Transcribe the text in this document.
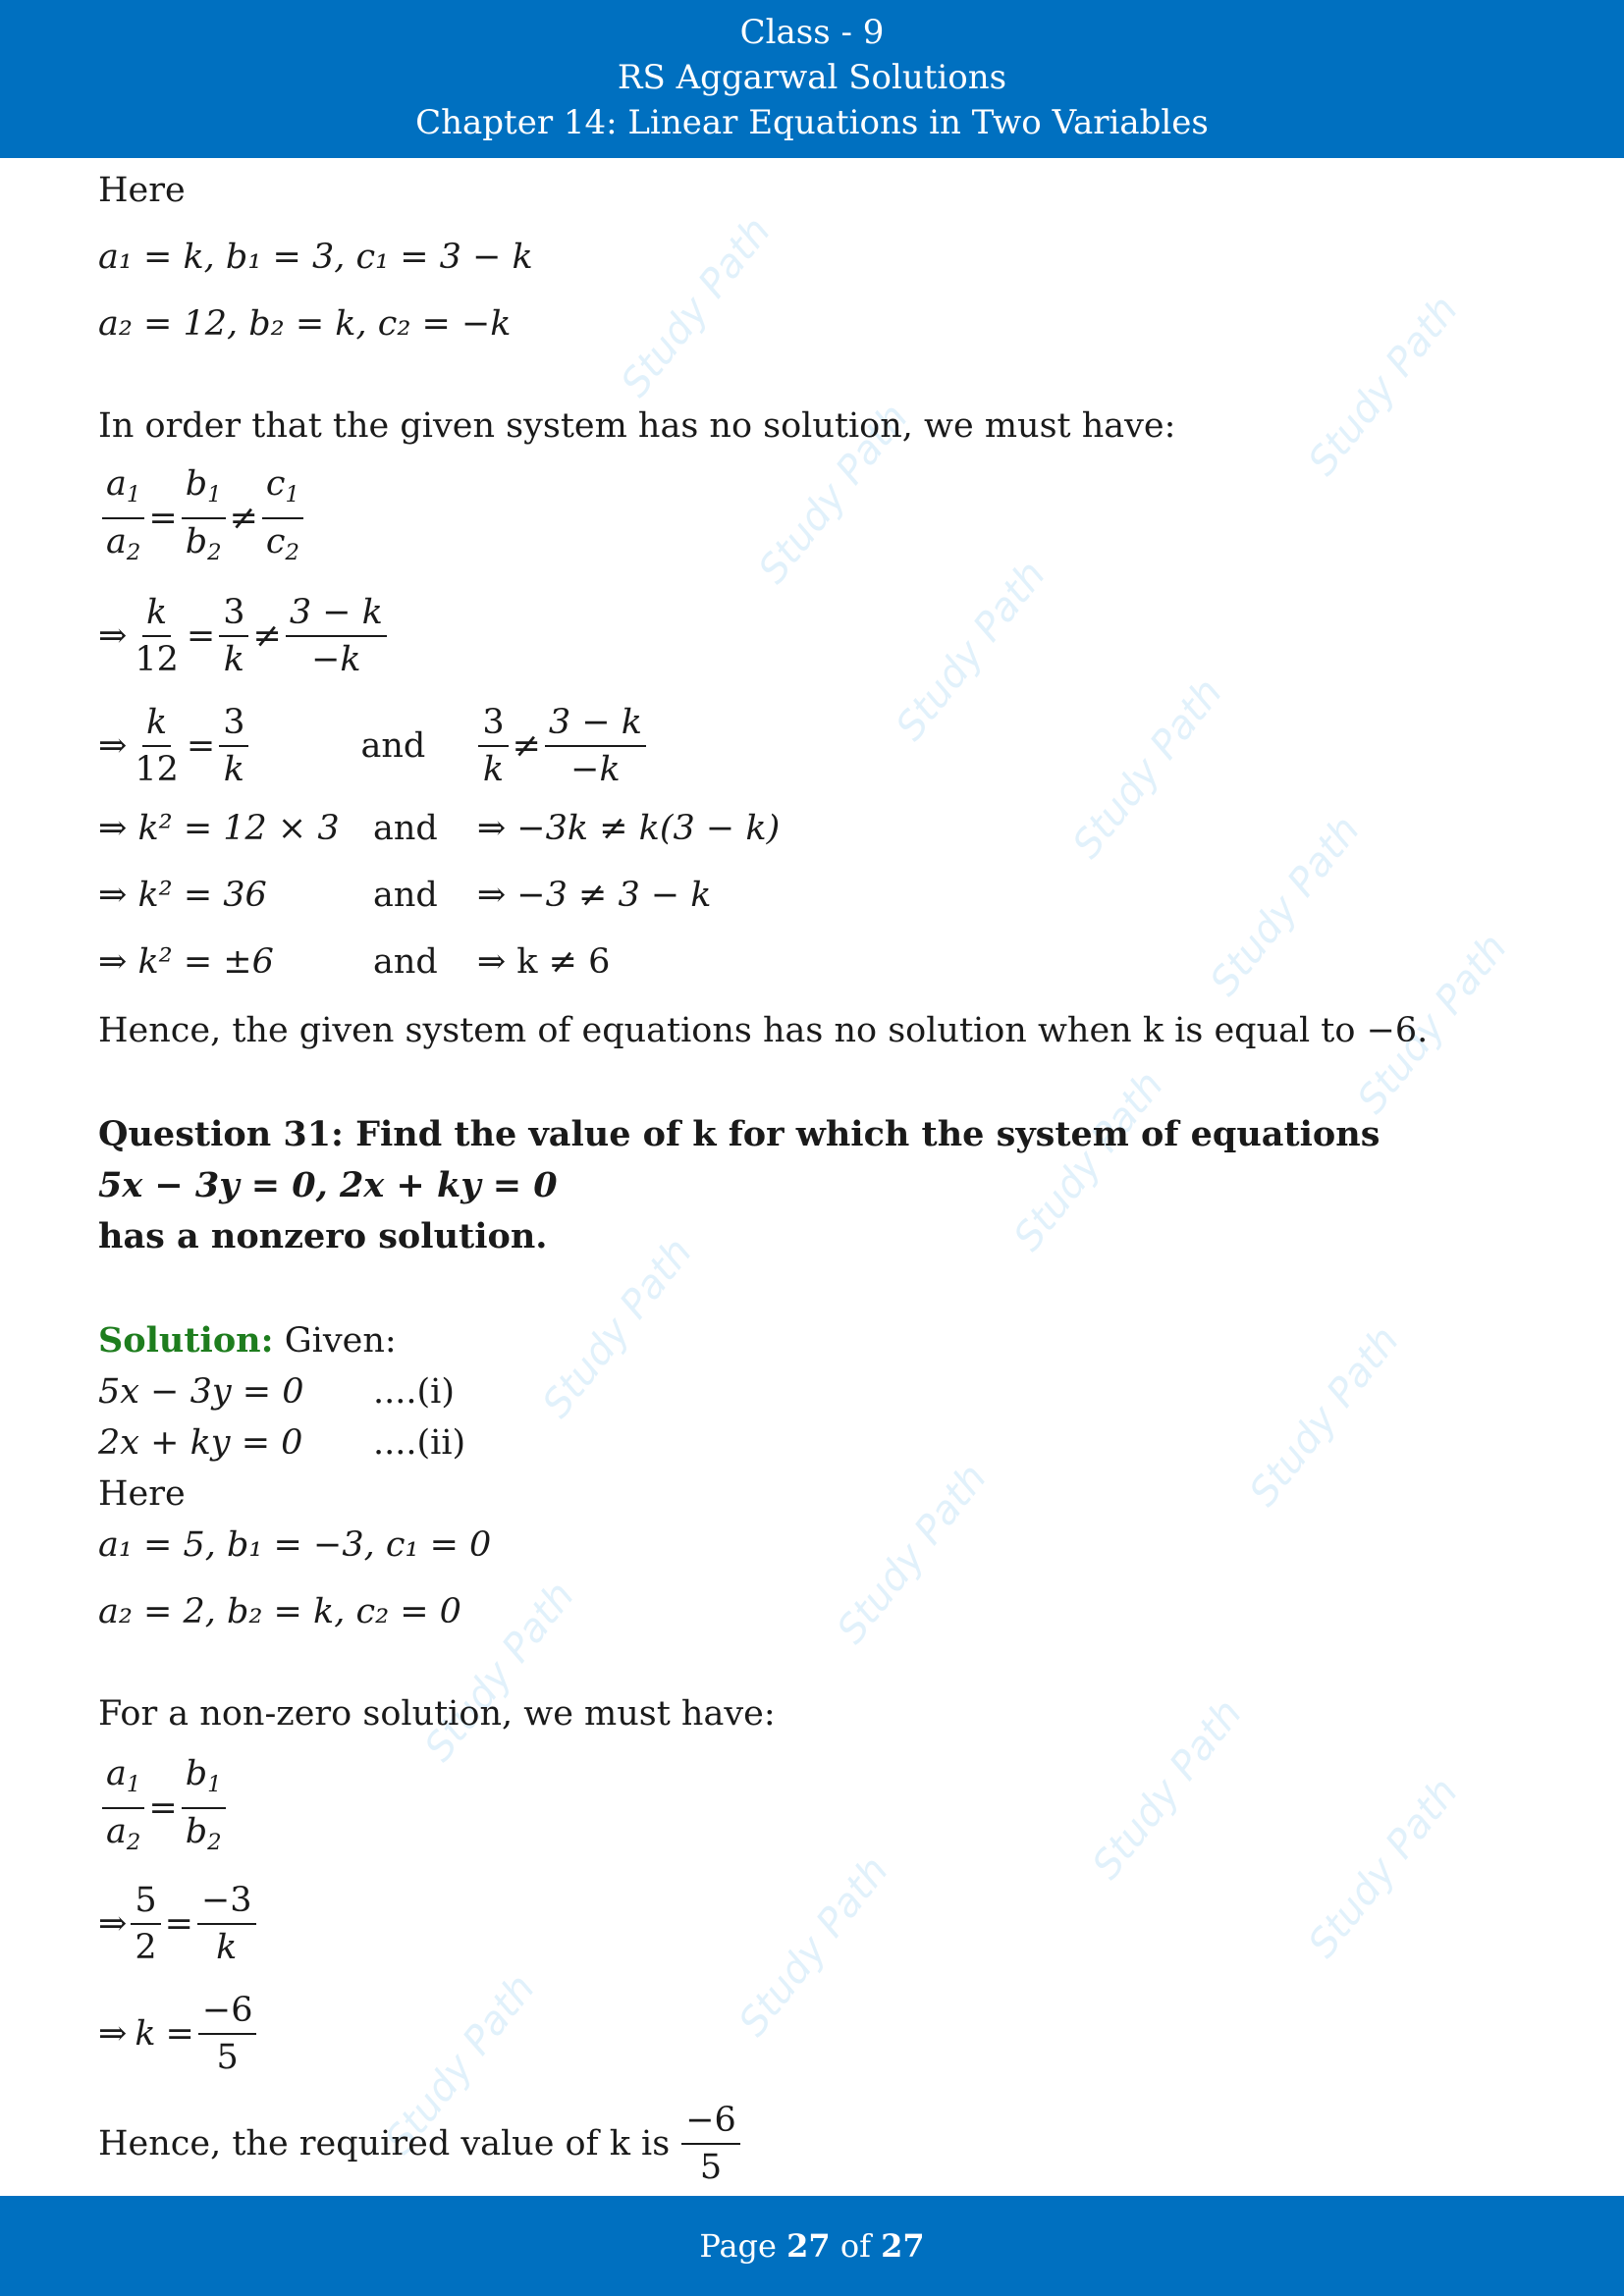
Class - 9
RS Aggarwal Solutions
Chapter 14: Linear Equations in Two Variables
Study Path	Study Path
Study Path
Study Path
Study Path
Study Path
Study Path
Study Path
Study Path	Study Path
Study Path
Study Path
Study Path
Study Path	Study Path
Study Path
Here
a₁ = k, b₁ = 3, c₁ = 3 − k
a₂ = 12, b₂ = k, c₂ = −k
In order that the given system has no solution, we must have:
$\frac{a_1}{a_2} = \frac{b_1}{b_2} \ne \frac{c_1}{c_2}$
⇒ $\frac{k}{12} = \frac{3}{k} \ne \frac{3 - k}{-k}$
⇒ $\frac{k}{12} = \frac{3}{k}$	and $\frac{3}{k} \ne \frac{3 - k}{-k}$
⇒ k² = 12 × 3 and ⇒ −3k ≠ k(3 − k)
⇒ k² = 36	and ⇒ −3 ≠ 3 − k
⇒ k² = ±6	and ⇒ k ≠ 6
Hence, the given system of equations has no solution when k is equal to −6.
Question 31: Find the value of k for which the system of equations
5x − 3y = 0, 2x + ky = 0
has a nonzero solution.
Solution: Given:
5x − 3y = 0 ....(i)
2x + ky = 0 ....(ii)
Here
a₁ = 5, b₁ = −3, c₁ = 0
a₂ = 2, b₂ = k, c₂ = 0
For a non-zero solution, we must have:
$\frac{a_1}{a_2} = \frac{b_1}{b_2}$
⇒ $\frac{5}{2} = \frac{-3}{k}$
⇒ $k = \frac{-6}{5}$
Hence, the required value of k is $\frac{-6}{5}$
Page 27 of 27
